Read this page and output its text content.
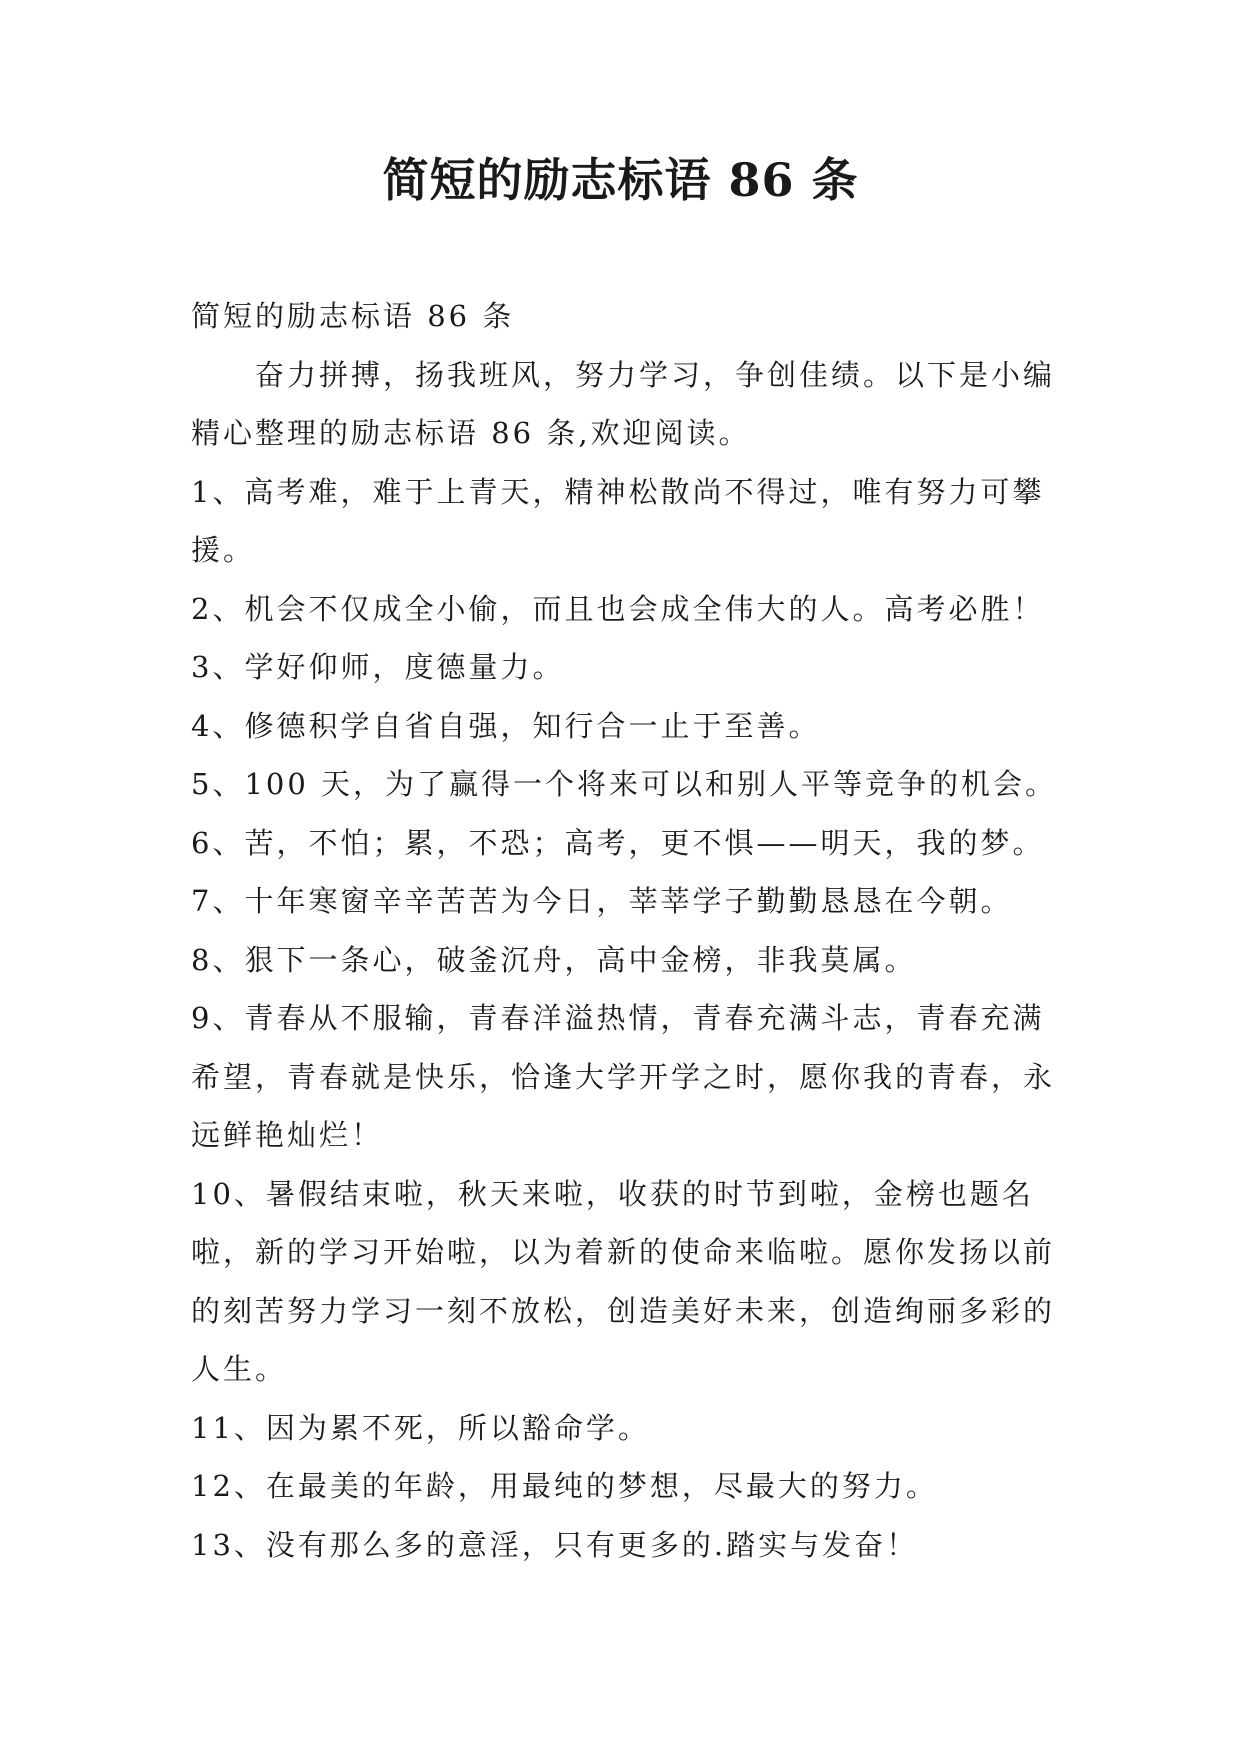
简短的励志标语 86 条

简短的励志标语 86 条

奋力拼搏，扬我班风，努力学习，争创佳绩。以下是小编精心整理的励志标语 86 条,欢迎阅读。

1、高考难，难于上青天，精神松散尚不得过，唯有努力可攀援。

2、机会不仅成全小偷，而且也会成全伟大的人。高考必胜！

3、学好仰师，度德量力。

4、修德积学自省自强，知行合一止于至善。

5、100 天，为了赢得一个将来可以和别人平等竞争的机会。

6、苦，不怕；累，不恐；高考，更不惧——明天，我的梦。

7、十年寒窗辛辛苦苦为今日，莘莘学子勤勤恳恳在今朝。

8、狠下一条心，破釜沉舟，高中金榜，非我莫属。

9、青春从不服输，青春洋溢热情，青春充满斗志，青春充满希望，青春就是快乐，恰逢大学开学之时，愿你我的青春，永远鲜艳灿烂！

10、暑假结束啦，秋天来啦，收获的时节到啦，金榜也题名啦，新的学习开始啦，以为着新的使命来临啦。愿你发扬以前的刻苦努力学习一刻不放松，创造美好未来，创造绚丽多彩的人生。

11、因为累不死，所以豁命学。

12、在最美的年龄，用最纯的梦想，尽最大的努力。

13、没有那么多的意淫，只有更多的.踏实与发奋！
